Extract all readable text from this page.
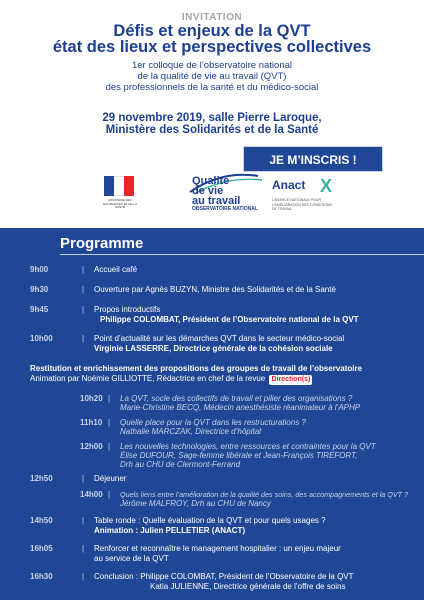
INVITATION
Défis et enjeux de la QVT
état des lieux et perspectives collectives
1er colloque de l’observatoire national
de la qualité de vie au travail (QVT)
des professionnels de la santé et du médico-social
29 novembre 2019, salle Pierre Laroque,
Ministère des Solidarités et de la Santé
JE M’INSCRIS !
MINISTÈRE DES SOLIDARITÉS ET DE LA SANTÉ
Qualité
de vie
au travail
OBSERVATOIRE NATIONAL
Anact X
L’AGENCE NATIONALE POUR L’AMÉLIORATION DES CONDITIONS DE TRAVAIL
Programme
9h00	| Accueil café
9h30	| Ouverture par Agnès BUZYN, Ministre des Solidarités et de la Santé
9h45	| Propos introductifs
Philippe COLOMBAT, Président de l’Observatoire national de la QVT
10h00	| Point d’actualité sur les démarches QVT dans le secteur médico-social
Virginie LASSERRE, Directrice générale de la cohésion sociale
Restitution et enrichissement des propositions des groupes de travail de l’observatoire
Animation par Noémie GILLIOTTE, Rédactrice en chef de la revue Direction(s)
10h20 | La QVT, socle des collectifs de travail et pilier des organisations ?
Marie-Christine BECQ, Médecin anesthésiste réanimateur à l’APHP
11h10 | Quelle place pour la QVT dans les restructurations ?
Nathalie MARCZAK, Directrice d’hôpital
12h00 | Les nouvelles technologies, entre ressources et contraintes pour la QVT
Élise DUFOUR, Sage-femme libérale et Jean-François TIREFORT,
Drh au CHU de Clermont-Ferrand
12h50	| Déjeuner
14h00 | Quels liens entre l’amélioration de la qualité des soins, des accompagnements et la QVT ?
Jérôme MALFROY, Drh au CHU de Nancy
14h50	| Table ronde : Quelle évaluation de la QVT et pour quels usages ?
Animation : Julien PELLETIER (ANACT)
16h05	| Renforcer et reconnaître le management hospitalier : un enjeu majeur
au service de la QVT
16h30	| Conclusion : Philippe COLOMBAT, Président de l’Observatoire de la QVT
Katia JULIENNE, Directrice générale de l’offre de soins
